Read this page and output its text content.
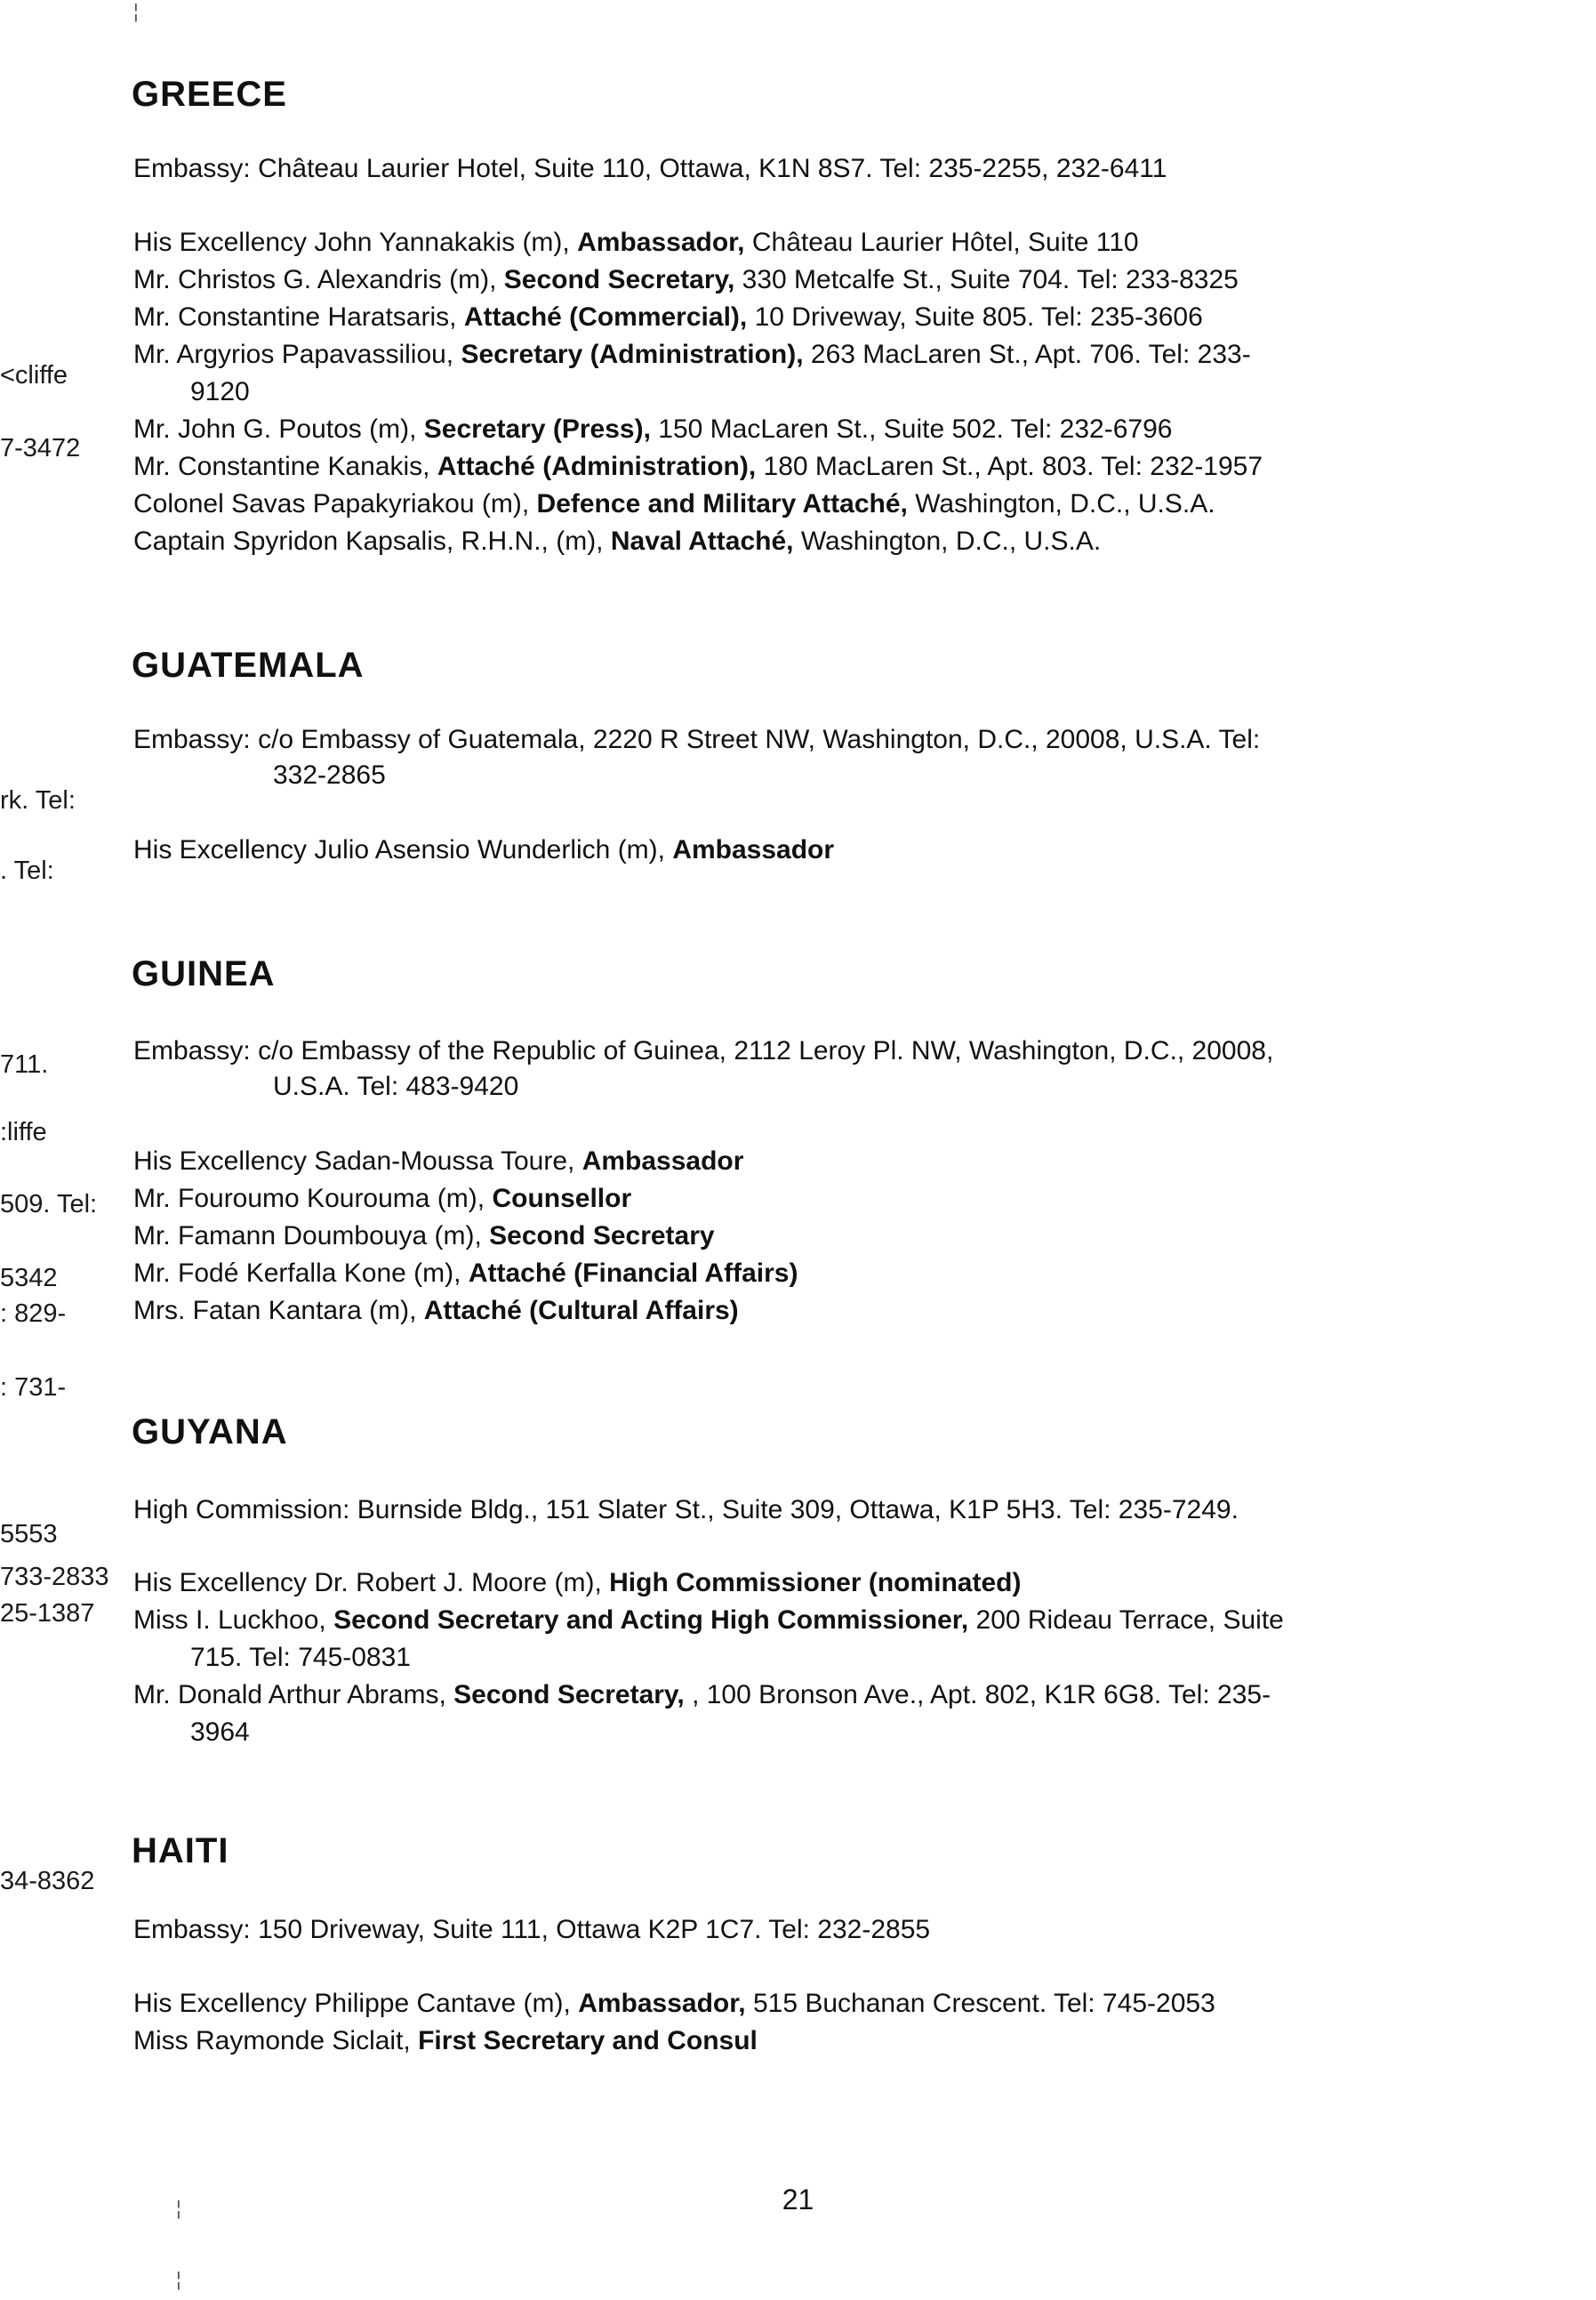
<cliffe
7-3472
rk. Tel:
. Tel:
711.
:liffe
509. Tel:
5342
: 829-
: 731-
5553
733-2833
25-1387
34-8362
¦
¦
¦
GREECE
Embassy: Château Laurier Hotel, Suite 110, Ottawa, K1N 8S7. Tel: 235-2255, 232-6411
His Excellency John Yannakakis (m), Ambassador, Château Laurier Hôtel, Suite 110
Mr. Christos G. Alexandris (m), Second Secretary, 330 Metcalfe St., Suite 704. Tel: 233-8325
Mr. Constantine Haratsaris, Attaché (Commercial), 10 Driveway, Suite 805. Tel: 235-3606
Mr. Argyrios Papavassiliou, Secretary (Administration), 263 MacLaren St., Apt. 706. Tel: 233-
9120
Mr. John G. Poutos (m), Secretary (Press), 150 MacLaren St., Suite 502. Tel: 232-6796
Mr. Constantine Kanakis, Attaché (Administration), 180 MacLaren St., Apt. 803. Tel: 232-1957
Colonel Savas Papakyriakou (m), Defence and Military Attaché, Washington, D.C., U.S.A.
Captain Spyridon Kapsalis, R.H.N., (m), Naval Attaché, Washington, D.C., U.S.A.
GUATEMALA
Embassy: c/o Embassy of Guatemala, 2220 R Street NW, Washington, D.C., 20008, U.S.A. Tel:
332-2865
His Excellency Julio Asensio Wunderlich (m), Ambassador
GUINEA
Embassy: c/o Embassy of the Republic of Guinea, 2112 Leroy Pl. NW, Washington, D.C., 20008,
U.S.A. Tel: 483-9420
His Excellency Sadan-Moussa Toure, Ambassador
Mr. Fouroumo Kourouma (m), Counsellor
Mr. Famann Doumbouya (m), Second Secretary
Mr. Fodé Kerfalla Kone (m), Attaché (Financial Affairs)
Mrs. Fatan Kantara (m), Attaché (Cultural Affairs)
GUYANA
High Commission: Burnside Bldg., 151 Slater St., Suite 309, Ottawa, K1P 5H3. Tel: 235-7249.
His Excellency Dr. Robert J. Moore (m), High Commissioner (nominated)
Miss I. Luckhoo, Second Secretary and Acting High Commissioner, 200 Rideau Terrace, Suite
715. Tel: 745-0831
Mr. Donald Arthur Abrams, Second Secretary, , 100 Bronson Ave., Apt. 802, K1R 6G8. Tel: 235-
3964
HAITI
Embassy: 150 Driveway, Suite 111, Ottawa K2P 1C7. Tel: 232-2855
His Excellency Philippe Cantave (m), Ambassador, 515 Buchanan Crescent. Tel: 745-2053
Miss Raymonde Siclait, First Secretary and Consul
21
